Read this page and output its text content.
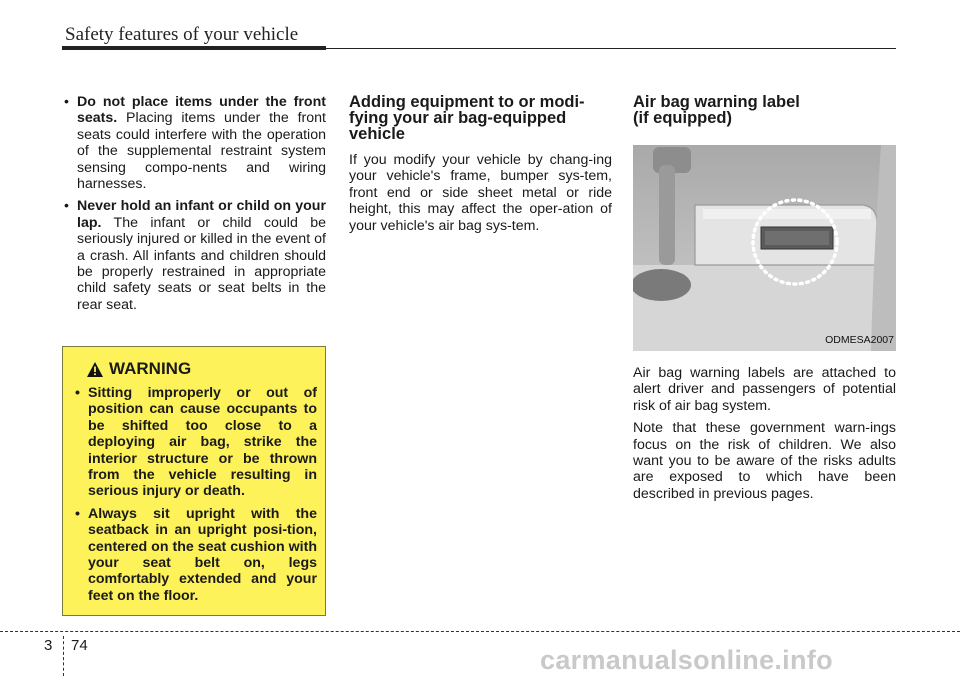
Safety features of your vehicle
• Do not place items under the front seats. Placing items under the front seats could interfere with the operation of the supplemental restraint system sensing compo-nents and wiring harnesses.
• Never hold an infant or child on your lap. The infant or child could be seriously injured or killed in the event of a crash. All infants and children should be properly restrained in appropriate child safety seats or seat belts in the rear seat.
WARNING
• Sitting improperly or out of position can cause occupants to be shifted too close to a deploying air bag, strike the interior structure or be thrown from the vehicle resulting in serious injury or death.
• Always sit upright with the seatback in an upright posi-tion, centered on the seat cushion with your seat belt on, legs comfortably extended and your feet on the floor.
Adding equipment to or modi-
fying your air bag-equipped
vehicle

If you modify your vehicle by chang-ing your vehicle's frame, bumper sys-tem, front end or side sheet metal or ride height, this may affect the oper-ation of your vehicle's air bag sys-tem.

Air bag warning label
(if equipped)
ODMESA2007

Air bag warning labels are attached to alert driver and passengers of potential risk of air bag system.

Note that these government warn-ings focus on the risk of children. We also want you to be aware of the risks adults are exposed to which have been described in previous pages.

3 74	carmanualsonline.info
